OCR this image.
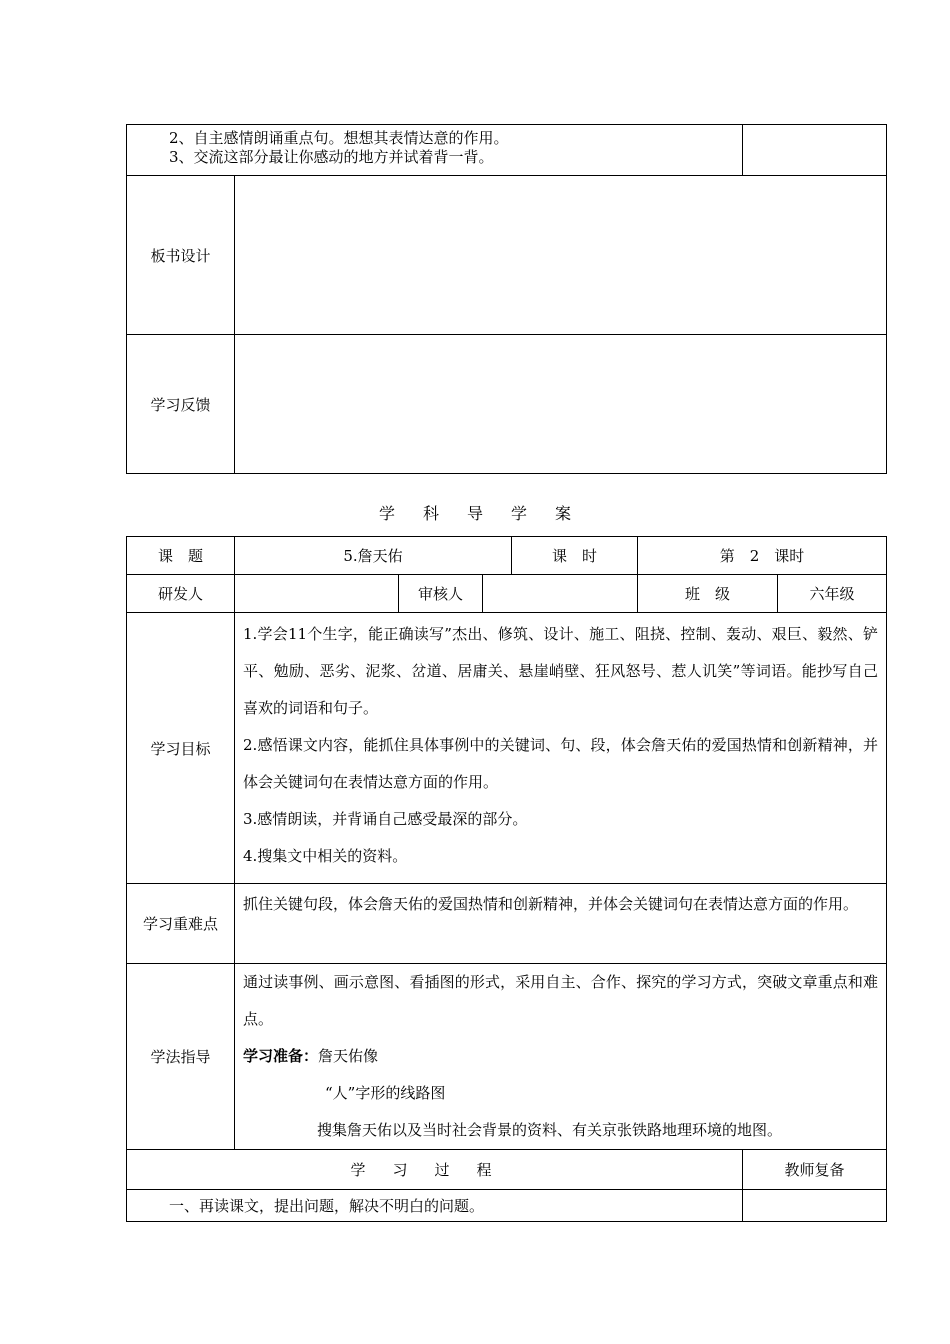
2、自主感情朗诵重点句。想想其表情达意的作用。
3、交流这部分最让你感动的地方并试着背一背。		

板书设计		
学习反馈		
学科导学案
课　题	5.詹天佑			课　时	第　2　课时	
研发人		审核人			班　级	六年级
学习目标	1.学会11个生字，能正确读写”杰出、修筑、设计、施工、阻挠、控制、轰动、艰巨、毅然、铲平、勉励、恶劣、泥浆、岔道、居庸关、悬崖峭壁、狂风怒号、惹人讥笑”等词语。能抄写自己喜欢的词语和句子。
2.感悟课文内容，能抓住具体事例中的关键词、句、段，体会詹天佑的爱国热情和创新精神，并体会关键词句在表情达意方面的作用。
3.感情朗读，并背诵自己感受最深的部分。
4.搜集文中相关的资料。	

学习重难点	抓住关键句段，体会詹天佑的爱国热情和创新精神，并体会关键词句在表情达意方面的作用。	
学法指导	通过读事例、画示意图、看插图的形式，采用自主、合作、探究的学习方式，突破文章重点和难点。
学习准备：詹天佑像
“人”字形的线路图
搜集詹天佑以及当时社会背景的资料、有关京张铁路地理环境的地图。	

学习过程		教师复备
一、再读课文，提出问题，解决不明白的问题。		
